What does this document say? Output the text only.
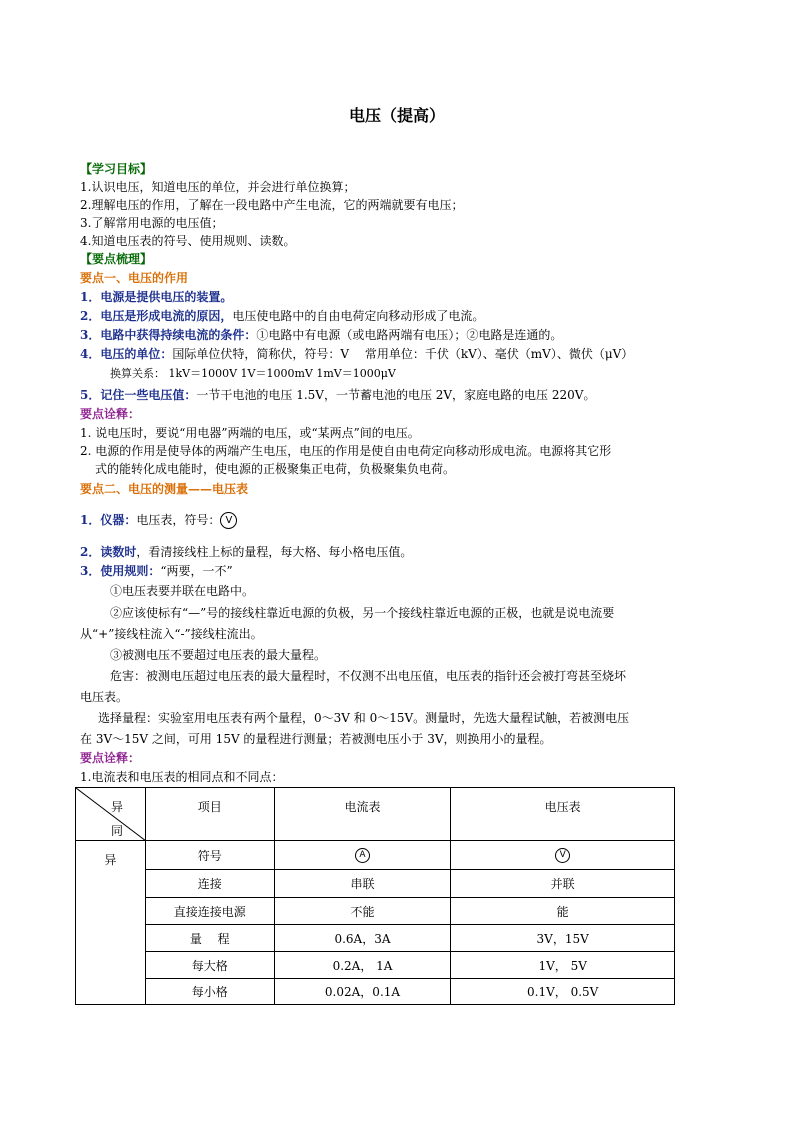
电压（提高）
【学习目标】
1.认识电压，知道电压的单位，并会进行单位换算；
2.理解电压的作用，了解在一段电路中产生电流，它的两端就要有电压；
3.了解常用电源的电压值；
4.知道电压表的符号、使用规则、读数。
【要点梳理】
要点一、电压的作用
1．电源是提供电压的装置。
2．电压是形成电流的原因，电压使电路中的自由电荷定向移动形成了电流。
3．电路中获得持续电流的条件：①电路中有电源（或电路两端有电压）；②电路是连通的。
4．电压的单位：国际单位伏特，简称伏，符号：V　 常用单位：千伏（kV）、毫伏（mV）、微伏（μV）
换算关系： 1kV＝1000V 1V＝1000mV 1mV＝1000μV
5．记住一些电压值：一节干电池的电压 1.5V，一节蓄电池的电压 2V，家庭电路的电压 220V。
要点诠释：
1. 说电压时，要说“用电器”两端的电压，或“某两点”间的电压。
2. 电源的作用是使导体的两端产生电压，电压的作用是使自由电荷定向移动形成电流。电源将其它形
式的能转化成电能时，使电源的正极聚集正电荷，负极聚集负电荷。
要点二、电压的测量——电压表
1．仪器：电压表，符号： V
2．读数时，看清接线柱上标的量程，每大格、每小格电压值。
3．使用规则：“两要，一不”
①电压表要并联在电路中。
②应该使标有“—”号的接线柱靠近电源的负极，另一个接线柱靠近电源的正极，也就是说电流要
从“+”接线柱流入“-”接线柱流出。
③被测电压不要超过电压表的最大量程。
危害：被测电压超过电压表的最大量程时，不仅测不出电压值，电压表的指针还会被打弯甚至烧坏
电压表。
选择量程：实验室用电压表有两个量程，0～3V 和 0～15V。测量时，先选大量程试触，若被测电压
在 3V～15V 之间，可用 15V 的量程进行测量；若被测电压小于 3V，则换用小的量程。
要点诠释：
1.电流表和电压表的相同点和不同点：
异
同	项目	电流表	电压表
异	符号	A	V
	连接	串联	并联
	直接连接电源	不能	能
	量　 程	0.6A，3A	3V，15V
	每大格	0.2A， 1A	1V， 5V
	每小格	0.02A，0.1A	0.1V， 0.5V
